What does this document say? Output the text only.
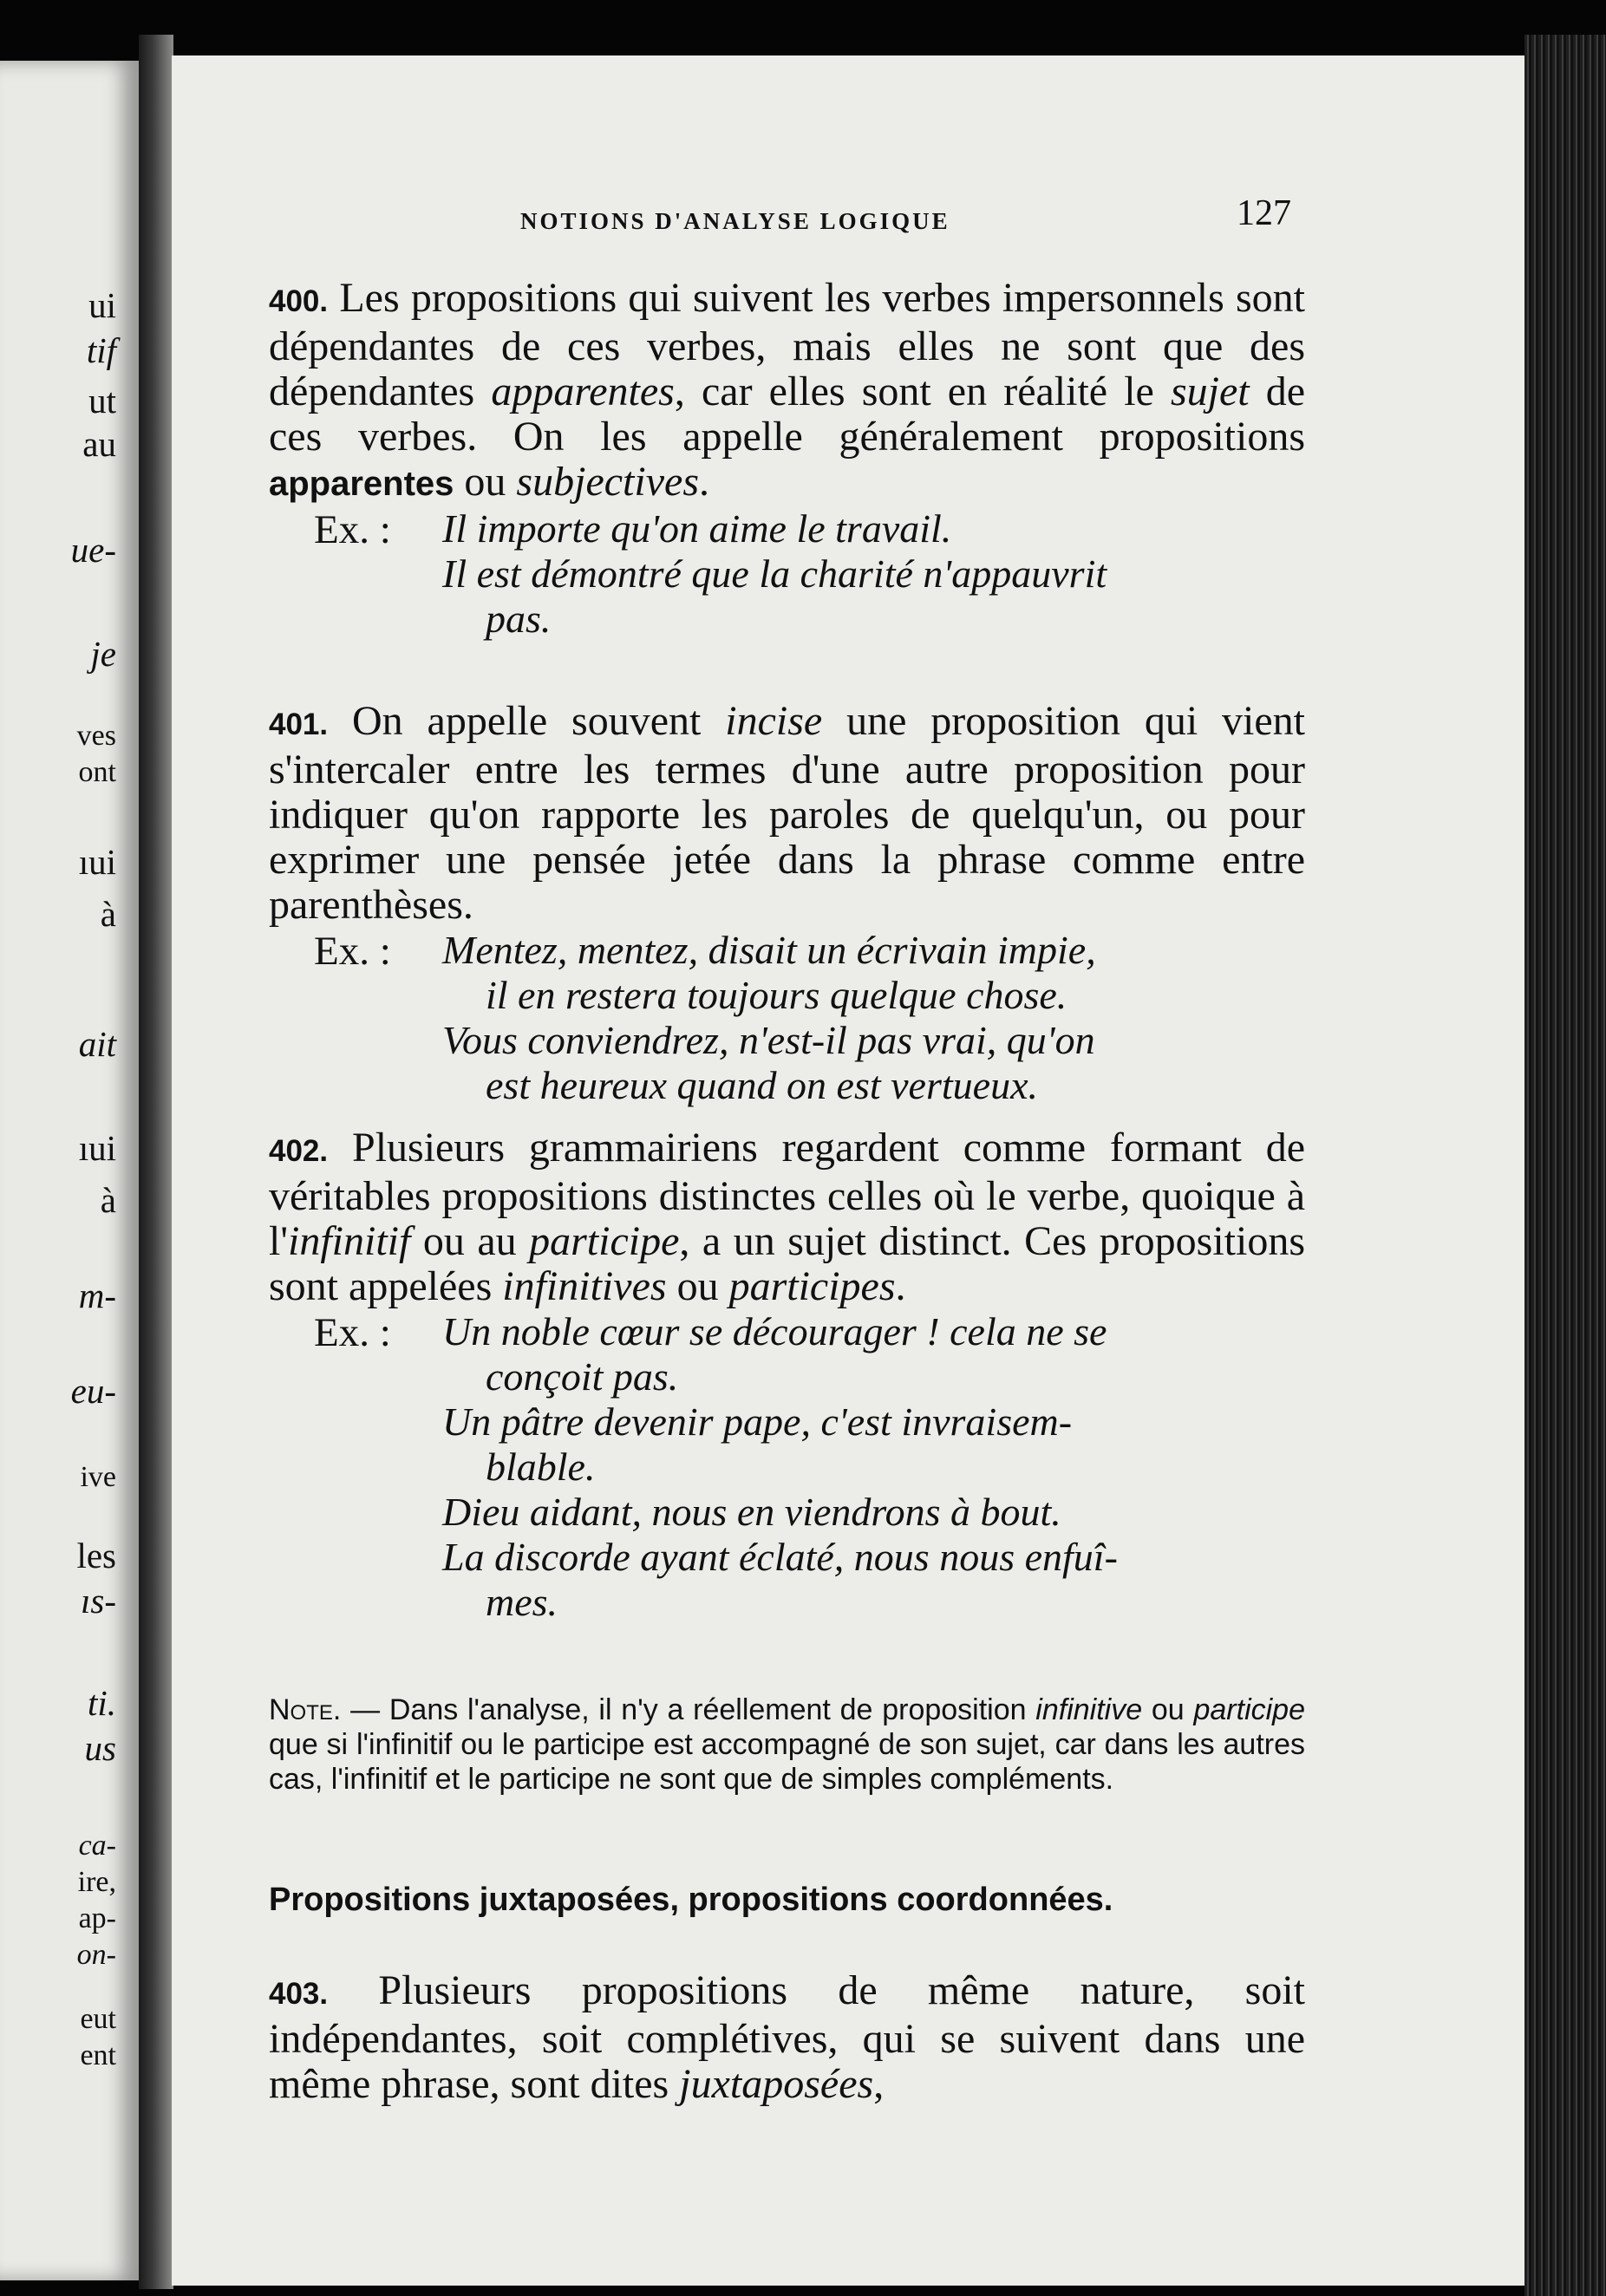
ui
tif
ut
au
ue-
je
ves
ont
ıui
à
ait
ıui
à
m-
eu-
ive
les
ıs-
ti.
us
ca-
ire,
ap-
on-
eut
ent
NOTIONS D'ANALYSE LOGIQUE	127

400. Les propositions qui suivent les verbes impersonnels sont dépendantes de ces verbes, mais elles ne sont que des dépendantes apparentes, car elles sont en réalité le sujet de ces verbes. On les appelle généralement propositions apparentes ou subjectives.

Ex. :	Il importe qu'on aime le travail.

Il est démontré que la charité n'appauvrit

pas.

401. On appelle souvent incise une proposition qui vient s'intercaler entre les termes d'une autre proposition pour indiquer qu'on rapporte les paroles de quelqu'un, ou pour exprimer une pensée jetée dans la phrase comme entre parenthèses.

Ex. :	Mentez, mentez, disait un écrivain impie,

il en restera toujours quelque chose.

Vous conviendrez, n'est-il pas vrai, qu'on

est heureux quand on est vertueux.

402. Plusieurs grammairiens regardent comme formant de véritables propositions distinctes celles où le verbe, quoique à l'infinitif ou au participe, a un sujet distinct. Ces propositions sont appelées infinitives ou participes.

Ex. :	Un noble cœur se décourager ! cela ne se

conçoit pas.

Un pâtre devenir pape, c'est invraisem-

blable.

Dieu aidant, nous en viendrons à bout.

La discorde ayant éclaté, nous nous enfuî-

mes.

Note. — Dans l'analyse, il n'y a réellement de proposition infinitive ou participe que si l'infinitif ou le participe est accompagné de son sujet, car dans les autres cas, l'infinitif et le participe ne sont que de simples compléments.

Propositions juxtaposées, propositions coordonnées.

403. Plusieurs propositions de même nature, soit indépendantes, soit complétives, qui se suivent dans une même phrase, sont dites juxtaposées,
